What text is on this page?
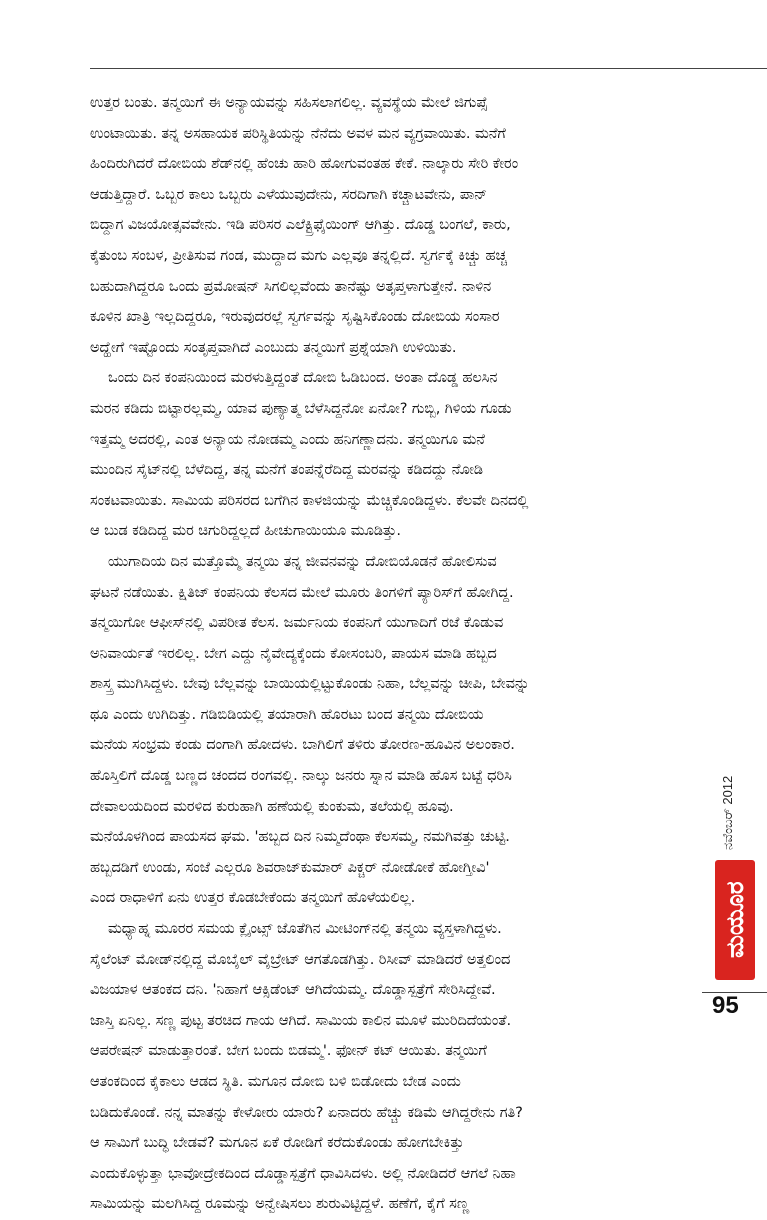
ಉತ್ತರ ಬಂತು. ತನ್ಮಯಿಗೆ ಈ ಅನ್ಯಾಯವನ್ನು ಸಹಿಸಲಾಗಲಿಲ್ಲ. ವ್ಯವಸ್ಥೆಯ ಮೇಲೆ ಜಿಗುಪ್ಸೆ
ಉಂಟಾಯಿತು. ತನ್ನ ಅಸಹಾಯಕ ಪರಿಸ್ಥಿತಿಯನ್ನು ನೆನೆದು ಅವಳ ಮನ ವ್ಯಗ್ರವಾಯಿತು. ಮನೆಗೆ
ಹಿಂದಿರುಗಿದರೆ ದೋಬಿಯ ಶೆಡ್‌ನಲ್ಲಿ ಹೆಂಚು ಹಾರಿ ಹೋಗುವಂತಹ ಕೇಕೆ. ನಾಲ್ಕಾರು ಸೇರಿ ಕೇರಂ
ಆಡುತ್ತಿದ್ದಾರೆ. ಒಬ್ಬರ ಕಾಲು ಒಬ್ಬರು ಎಳೆಯುವುದೇನು, ಸರದಿಗಾಗಿ ಕಚ್ಚಾಟವೇನು, ಪಾನ್
ಬಿದ್ದಾಗ ವಿಜಯೋತ್ಸವವೇನು. ಇಡಿ ಪರಿಸರ ಎಲೆಕ್ಟ್ರಿಫೈಯಿಂಗ್ ಆಗಿತ್ತು. ದೊಡ್ಡ ಬಂಗಲೆ, ಕಾರು,
ಕೈತುಂಬ ಸಂಬಳ, ಪ್ರೀತಿಸುವ ಗಂಡ, ಮುದ್ದಾದ ಮಗು ಎಲ್ಲವೂ ತನ್ನಲ್ಲಿದೆ. ಸ್ವರ್ಗಕ್ಕೆ ಕಿಚ್ಚು ಹಚ್ಚ
ಬಹುದಾಗಿದ್ದರೂ ಒಂದು ಪ್ರಮೋಷನ್ ಸಿಗಲಿಲ್ಲವೆಂದು ತಾನೆಷ್ಟು ಅತೃಪ್ತಳಾಗುತ್ತೇನೆ. ನಾಳಿನ
ಕೂಳಿನ ಖಾತ್ರಿ ಇಲ್ಲದಿದ್ದರೂ, ಇರುವುದರಲ್ಲೆ ಸ್ವರ್ಗವನ್ನು ಸೃಷ್ಟಿಸಿಕೊಂಡು ದೋಬಿಯ ಸಂಸಾರ
ಅದ್ಹೇಗೆ ಇಷ್ಟೊಂದು ಸಂತೃಪ್ತವಾಗಿದೆ ಎಂಬುದು ತನ್ಮಯಿಗೆ ಪ್ರಶ್ನೆಯಾಗಿ ಉಳಿಯಿತು.
ಒಂದು ದಿನ ಕಂಪನಿಯಿಂದ ಮರಳುತ್ತಿದ್ದಂತೆ ದೋಬಿ ಓಡಿಬಂದ. ಅಂತಾ ದೊಡ್ಡ ಹಲಸಿನ
ಮರನ ಕಡಿದು ಬಿಟ್ಟಾರಲ್ಲಮ್ಮ, ಯಾವ ಪುಣ್ಯಾತ್ಮ ಬೆಳೆಸಿದ್ದನೋ ಏನೋ? ಗುಬ್ಬಿ, ಗಿಳಿಯ ಗೂಡು
ಇತ್ತಮ್ಮ ಅದರಲ್ಲಿ, ಎಂತ ಅನ್ಯಾಯ ನೋಡಮ್ಮ ಎಂದು ಹನಿಗಣ್ಣಾದನು. ತನ್ಮಯಿಗೂ ಮನೆ
ಮುಂದಿನ ಸೈಟ್‌ನಲ್ಲಿ ಬೆಳೆದಿದ್ದ, ತನ್ನ ಮನೆಗೆ ತಂಪನ್ನೆರೆದಿದ್ದ ಮರವನ್ನು ಕಡಿದದ್ದು ನೋಡಿ
ಸಂಕಟವಾಯಿತು. ಸಾಮಿಯ ಪರಿಸರದ ಬಗೆಗಿನ ಕಾಳಜಿಯನ್ನು ಮೆಚ್ಚಿಕೊಂಡಿದ್ದಳು. ಕೆಲವೇ ದಿನದಲ್ಲಿ
ಆ ಬುಡ ಕಡಿದಿದ್ದ ಮರ ಚಿಗುರಿದ್ದಲ್ಲದೆ ಹೀಚುಗಾಯಿಯೂ ಮೂಡಿತ್ತು.
ಯುಗಾದಿಯ ದಿನ ಮತ್ತೊಮ್ಮೆ ತನ್ಮಯಿ ತನ್ನ ಜೀವನವನ್ನು ದೋಬಿಯೊಡನೆ ಹೋಲಿಸುವ
ಘಟನೆ ನಡೆಯಿತು. ಕ್ಷಿತಿಜ್ ಕಂಪನಿಯ ಕೆಲಸದ ಮೇಲೆ ಮೂರು ತಿಂಗಳಿಗೆ ಪ್ಯಾರಿಸ್‌ಗೆ ಹೋಗಿದ್ದ.
ತನ್ಮಯಿಗೋ ಆಫೀಸ್‌ನಲ್ಲಿ ವಿಪರೀತ ಕೆಲಸ. ಜರ್ಮನಿಯ ಕಂಪನಿಗೆ ಯುಗಾದಿಗೆ ರಜೆ ಕೊಡುವ
ಅನಿವಾರ್ಯತೆ ಇರಲಿಲ್ಲ. ಬೇಗ ಎದ್ದು ನೈವೇದ್ಯಕ್ಕೆಂದು ಕೋಸಂಬರಿ, ಪಾಯಸ ಮಾಡಿ ಹಬ್ಬದ
ಶಾಸ್ತ್ರ ಮುಗಿಸಿದ್ದಳು. ಬೇವು ಬೆಲ್ಲವನ್ನು ಬಾಯಿಯಲ್ಲಿಟ್ಟುಕೊಂಡು ನಿಹಾ, ಬೆಲ್ಲವನ್ನು ಚೀಪಿ, ಬೇವನ್ನು
ಥೂ ಎಂದು ಉಗಿದಿತ್ತು. ಗಡಿಬಿಡಿಯಲ್ಲಿ ತಯಾರಾಗಿ ಹೊರಟು ಬಂದ ತನ್ಮಯಿ ದೋಬಿಯ
ಮನೆಯ ಸಂಭ್ರಮ ಕಂಡು ದಂಗಾಗಿ ಹೋದಳು. ಬಾಗಿಲಿಗೆ ತಳಿರು ತೋರಣ-ಹೂವಿನ ಅಲಂಕಾರ.
ಹೊಸ್ತಿಲಿಗೆ ದೊಡ್ಡ ಬಣ್ಣದ ಚಂದದ ರಂಗವಲ್ಲಿ. ನಾಲ್ಕು ಜನರು ಸ್ನಾನ ಮಾಡಿ ಹೊಸ ಬಟ್ಟೆ ಧರಿಸಿ
ದೇವಾಲಯದಿಂದ ಮರಳಿದ ಕುರುಹಾಗಿ ಹಣೆಯಲ್ಲಿ ಕುಂಕುಮ, ತಲೆಯಲ್ಲಿ ಹೂವು.
ಮನೆಯೊಳಗಿಂದ ಪಾಯಸದ ಘಮ. 'ಹಬ್ಬದ ದಿನ ನಿಮ್ಮದೆಂಥಾ ಕೆಲಸಮ್ಮ, ನಮಗಿವತ್ತು ಚುಟ್ಟಿ.
ಹಬ್ಬದಡಿಗೆ ಉಂಡು, ಸಂಜೆ ಎಲ್ಲರೂ ಶಿವರಾಜ್‌ಕುಮಾರ್ ಪಿಕ್ಚರ್ ನೋಡೋಕೆ ಹೋಗ್ತೀವಿ'
ಎಂದ ರಾಧಾಳಿಗೆ ಏನು ಉತ್ತರ ಕೊಡಬೇಕೆಂದು ತನ್ಮಯಿಗೆ ಹೊಳೆಯಲಿಲ್ಲ.
ಮಧ್ಯಾಹ್ನ ಮೂರರ ಸಮಯ ಕ್ಲೈಂಟ್ಸ್ ಜೊತೆಗಿನ ಮೀಟಿಂಗ್‌ನಲ್ಲಿ ತನ್ಮಯಿ ವ್ಯಸ್ತಳಾಗಿದ್ದಳು.
ಸೈಲೆಂಟ್ ಮೋಡ್‌ನಲ್ಲಿದ್ದ ಮೊಬೈಲ್ ವೈಬ್ರೇಟ್ ಆಗತೊಡಗಿತ್ತು. ರಿಸೀವ್ ಮಾಡಿದರೆ ಅತ್ತಲಿಂದ
ವಿಜಯಾಳ ಆತಂಕದ ದನಿ. 'ನಿಹಾಗೆ ಆಕ್ಸಿಡೆಂಟ್ ಆಗಿದೆಯಮ್ಮ. ದೊಡ್ಡಾಸ್ಪತ್ರೆಗೆ ಸೇರಿಸಿದ್ದೇವೆ.
ಜಾಸ್ತಿ ಏನಿಲ್ಲ. ಸಣ್ಣ ಪುಟ್ಟ ತರಚಿದ ಗಾಯ ಆಗಿದೆ. ಸಾಮಿಯ ಕಾಲಿನ ಮೂಳೆ ಮುರಿದಿದೆಯಂತೆ.
ಆಪರೇಷನ್ ಮಾಡುತ್ತಾರಂತೆ. ಬೇಗ ಬಂದು ಬಿಡಮ್ಮ'. ಫೋನ್ ಕಟ್ ಆಯಿತು. ತನ್ಮಯಿಗೆ
ಆತಂಕದಿಂದ ಕೈಕಾಲು ಆಡದ ಸ್ಥಿತಿ. ಮಗೂನ ದೋಬಿ ಬಳಿ ಬಿಡೋದು ಬೇಡ ಎಂದು
ಬಡಿದುಕೊಂಡೆ. ನನ್ನ ಮಾತನ್ನು ಕೇಳೋರು ಯಾರು? ಏನಾದರು ಹೆಚ್ಚು ಕಡಿಮೆ ಆಗಿದ್ದರೇನು ಗತಿ?
ಆ ಸಾಮಿಗೆ ಬುದ್ಧಿ ಬೇಡವೆ? ಮಗೂನ ಏಕೆ ರೋಡಿಗೆ ಕರೆದುಕೊಂಡು ಹೋಗಬೇಕಿತ್ತು
ಎಂದುಕೊಳ್ಳುತ್ತಾ ಭಾವೋದ್ರೇಕದಿಂದ ದೊಡ್ಡಾಸ್ಪತ್ರೆಗೆ ಧಾವಿಸಿದಳು. ಅಲ್ಲಿ ನೋಡಿದರೆ ಆಗಲೆ ನಿಹಾ
ಸಾಮಿಯನ್ನು ಮಲಗಿಸಿದ್ದ ರೂಮನ್ನು ಅನ್ವೇಷಿಸಲು ಶುರುವಿಟ್ಟಿದ್ದಳೆ. ಹಣೆಗೆ, ಕೈಗೆ ಸಣ್ಣ
ನವೆಂಬರ್ 2012
ಮಯೂರ
95
